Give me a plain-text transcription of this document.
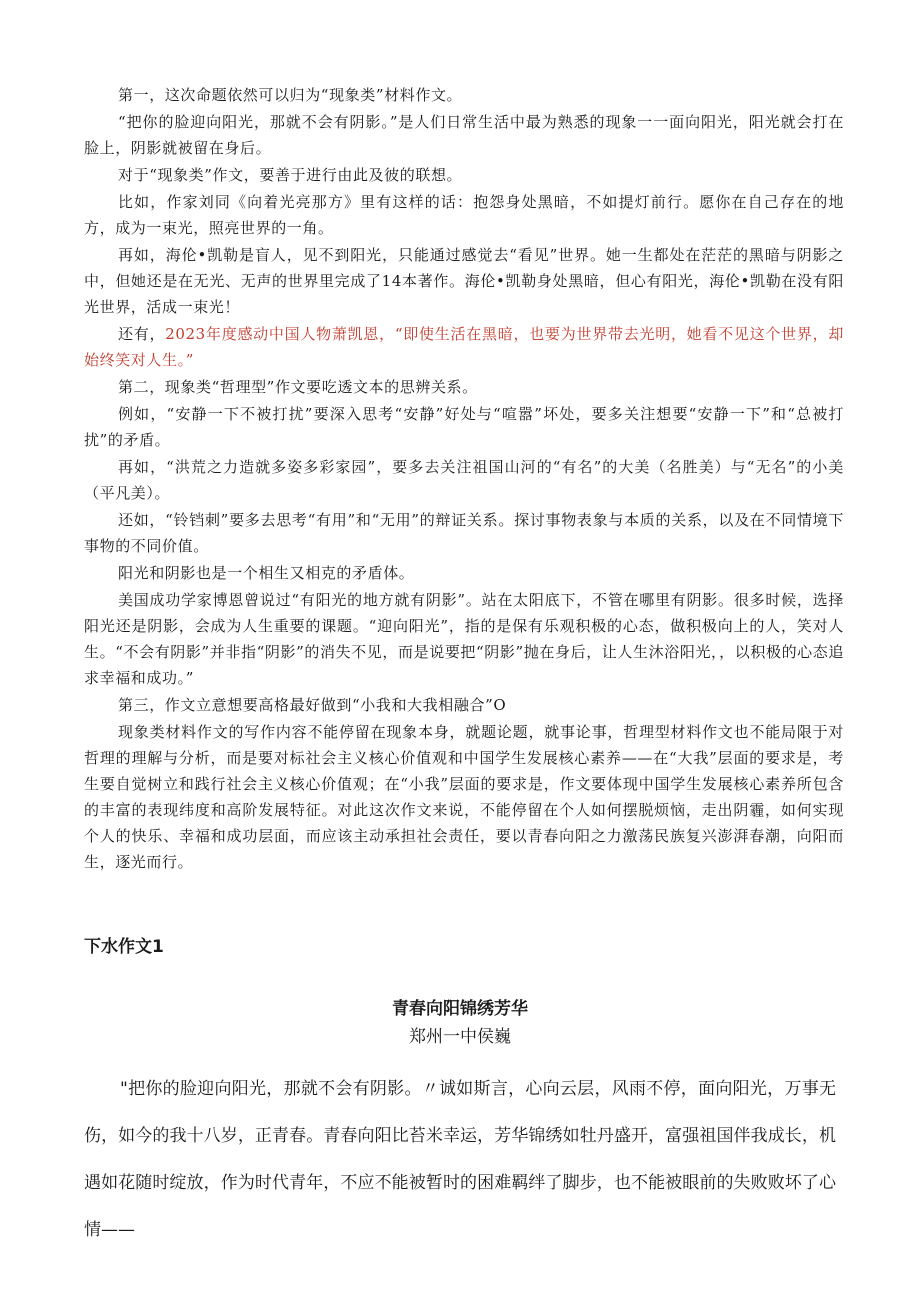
第一，这次命题依然可以归为“现象类”材料作文。

“把你的脸迎向阳光，那就不会有阴影。”是人们日常生活中最为熟悉的现象一一面向阳光，阳光就会打在脸上，阴影就被留在身后。

对于“现象类”作文，要善于进行由此及彼的联想。

比如，作家刘同《向着光亮那方》里有这样的话：抱怨身处黑暗，不如提灯前行。愿你在自己存在的地方，成为一束光，照亮世界的一角。

再如，海伦•凯勒是盲人，见不到阳光，只能通过感觉去“看见”世界。她一生都处在茫茫的黑暗与阴影之中，但她还是在无光、无声的世界里完成了14本著作。海伦•凯勒身处黑暗，但心有阳光，海伦•凯勒在没有阳光世界，活成一束光！

还有，2023年度感动中国人物萧凯恩，“即使生活在黑暗，也要为世界带去光明，她看不见这个世界，却始终笑对人生。”

第二，现象类“哲理型”作文要吃透文本的思辨关系。

例如，“安静一下不被打扰”要深入思考“安静”好处与“喧嚣”坏处，要多关注想要“安静一下”和“总被打扰”的矛盾。

再如，“洪荒之力造就多姿多彩家园”，要多去关注祖国山河的“有名”的大美（名胜美）与“无名”的小美（平凡美）。

还如，“铃铛刺”要多去思考“有用”和“无用”的辩证关系。探讨事物表象与本质的关系，以及在不同情境下事物的不同价值。

阳光和阴影也是一个相生又相克的矛盾体。

美国成功学家博恩曾说过“有阳光的地方就有阴影”。站在太阳底下，不管在哪里有阴影。很多时候，选择阳光还是阴影，会成为人生重要的课题。“迎向阳光”，指的是保有乐观积极的心态，做积极向上的人，笑对人生。“不会有阴影”并非指“阴影”的消失不见，而是说要把“阴影”抛在身后，让人生沐浴阳光，，以积极的心态追求幸福和成功。”

第三，作文立意想要高格最好做到“小我和大我相融合”O

现象类材料作文的写作内容不能停留在现象本身，就题论题，就事论事，哲理型材料作文也不能局限于对哲理的理解与分析，而是要对标社会主义核心价值观和中国学生发展核心素养——在“大我”层面的要求是，考生要自觉树立和践行社会主义核心价值观；在“小我”层面的要求是，作文要体现中国学生发展核心素养所包含的丰富的表现纬度和高阶发展特征。对此这次作文来说，不能停留在个人如何摆脱烦恼，走出阴霾，如何实现个人的快乐、幸福和成功层面，而应该主动承担社会责任，要以青春向阳之力激荡民族复兴澎湃春潮，向阳而生，逐光而行。

下水作文1
青春向阳锦绣芳华
郑州一中侯巍

"把你的脸迎向阳光，那就不会有阴影。〃诚如斯言，心向云层，风雨不停，面向阳光，万事无伤，如今的我十八岁，正青春。青春向阳比苔米幸运，芳华锦绣如牡丹盛开，富强祖国伴我成长，机遇如花随时绽放，作为时代青年，不应不能被暂时的困难羁绊了脚步，也不能被眼前的失败败坏了心情——
